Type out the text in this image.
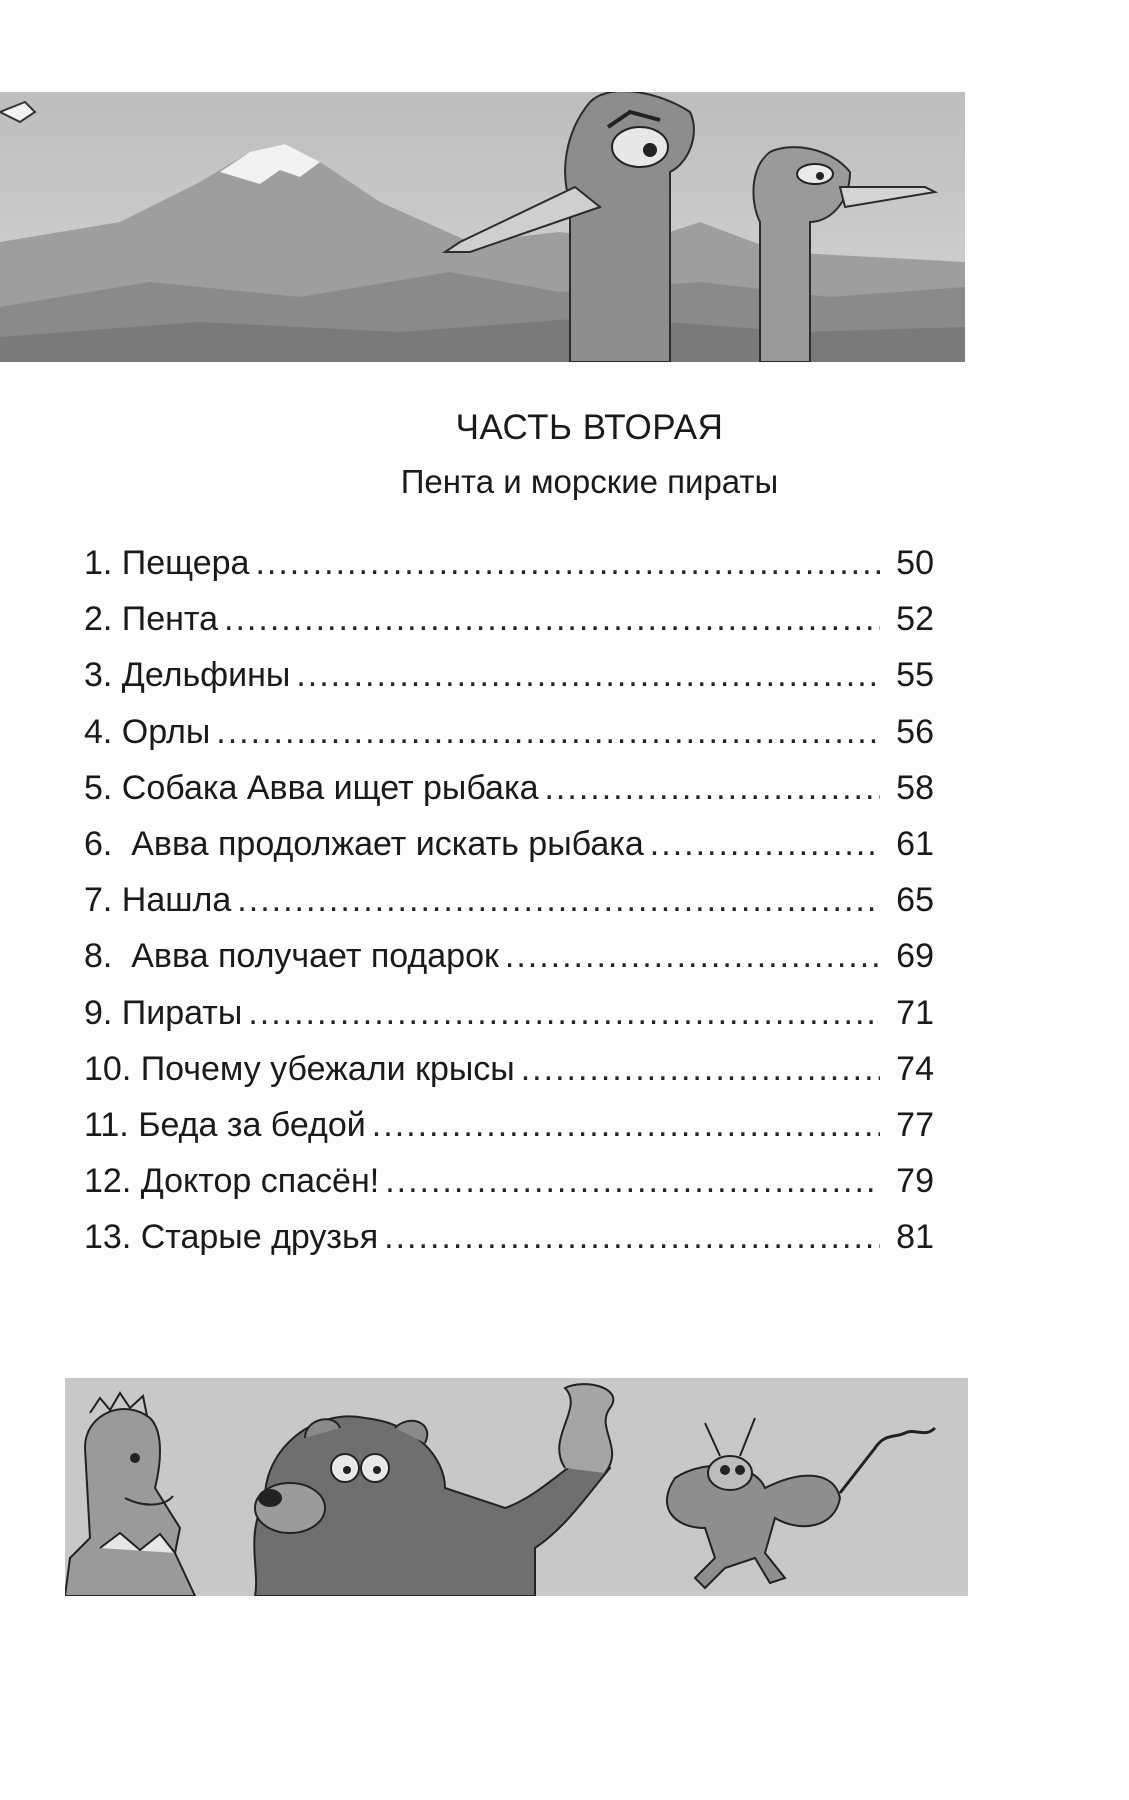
ЧАСТЬ ВТОРАЯ
Пента и морские пираты
1. Пещера .....	50
2. Пента .....	52
3. Дельфины .....	55
4. Орлы .....	56
5. Собака Авва ищет рыбака .....	58
6.  Авва продолжает искать рыбака .....	61
7. Нашла .....	65
8.  Авва получает подарок .....	69
9. Пираты .....	71
10. Почему убежали крысы .....	74
11. Беда за бедой .....	77
12. Доктор спасён! .....	79
13. Старые друзья .....	81
